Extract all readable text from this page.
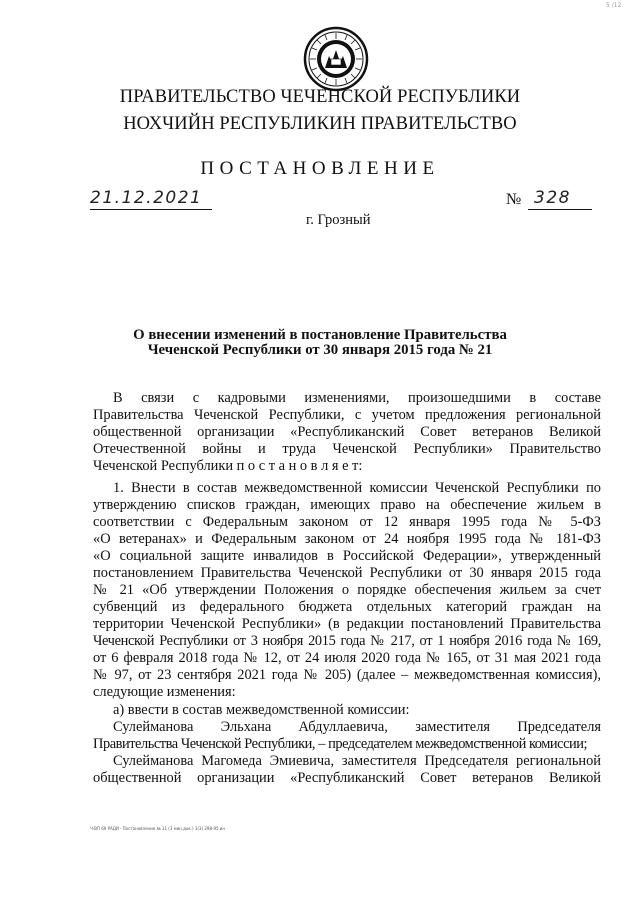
5 /12
ПРАВИТЕЛЬСТВО ЧЕЧЕНСКОЙ РЕСПУБЛИКИ
НОХЧИЙН РЕСПУБЛИКИН ПРАВИТЕЛЬСТВО
ПОСТАНОВЛЕНИЕ
21.12.2021	№ 328
г. Грозный
О внесении изменений в постановление Правительства
Чеченской Республики от 30 января 2015 года № 21
В связи с кадровыми изменениями, произошедшими в составе
Правительства Чеченской Республики, с учетом предложения региональной
общественной организации «Республиканский Совет ветеранов Великой
Отечественной войны и труда Чеченской Республики» Правительство
Чеченской Республики п о с т а н о в л я е т:
1. Внести в состав межведомственной комиссии Чеченской Республики по
утверждению списков граждан, имеющих право на обеспечение жильем в
соответствии с Федеральным законом от 12 января 1995 года № 5-ФЗ
«О ветеранах» и Федеральным законом от 24 ноября 1995 года № 181-ФЗ
«О социальной защите инвалидов в Российской Федерации», утвержденный
постановлением Правительства Чеченской Республики от 30 января 2015 года
№ 21 «Об утверждении Положения о порядке обеспечения жильем за счет
субвенций из федерального бюджета отдельных категорий граждан на
территории Чеченской Республики» (в редакции постановлений Правительства
Чеченской Республики от 3 ноября 2015 года № 217, от 1 ноября 2016 года № 169,
от 6 февраля 2018 года № 12, от 24 июля 2020 года № 165, от 31 мая 2021 года
№ 97, от 23 сентября 2021 года № 205) (далее – межведомственная комиссия),
следующие изменения:
а) ввести в состав межведомственной комиссии:
Сулейманова Эльхана Абдуллаевича, заместителя Председателя
Правительства Чеченской Республики, – председателем межведомственной комиссии;
Сулейманова Магомеда Эмиевича, заместителя Председателя региональной
общественной организации «Республиканский Совет ветеранов Великой
Ч-ВП 69 РАДИ · Постановление № 11 (3 мин.док.) 1(3) 298-95 ин
